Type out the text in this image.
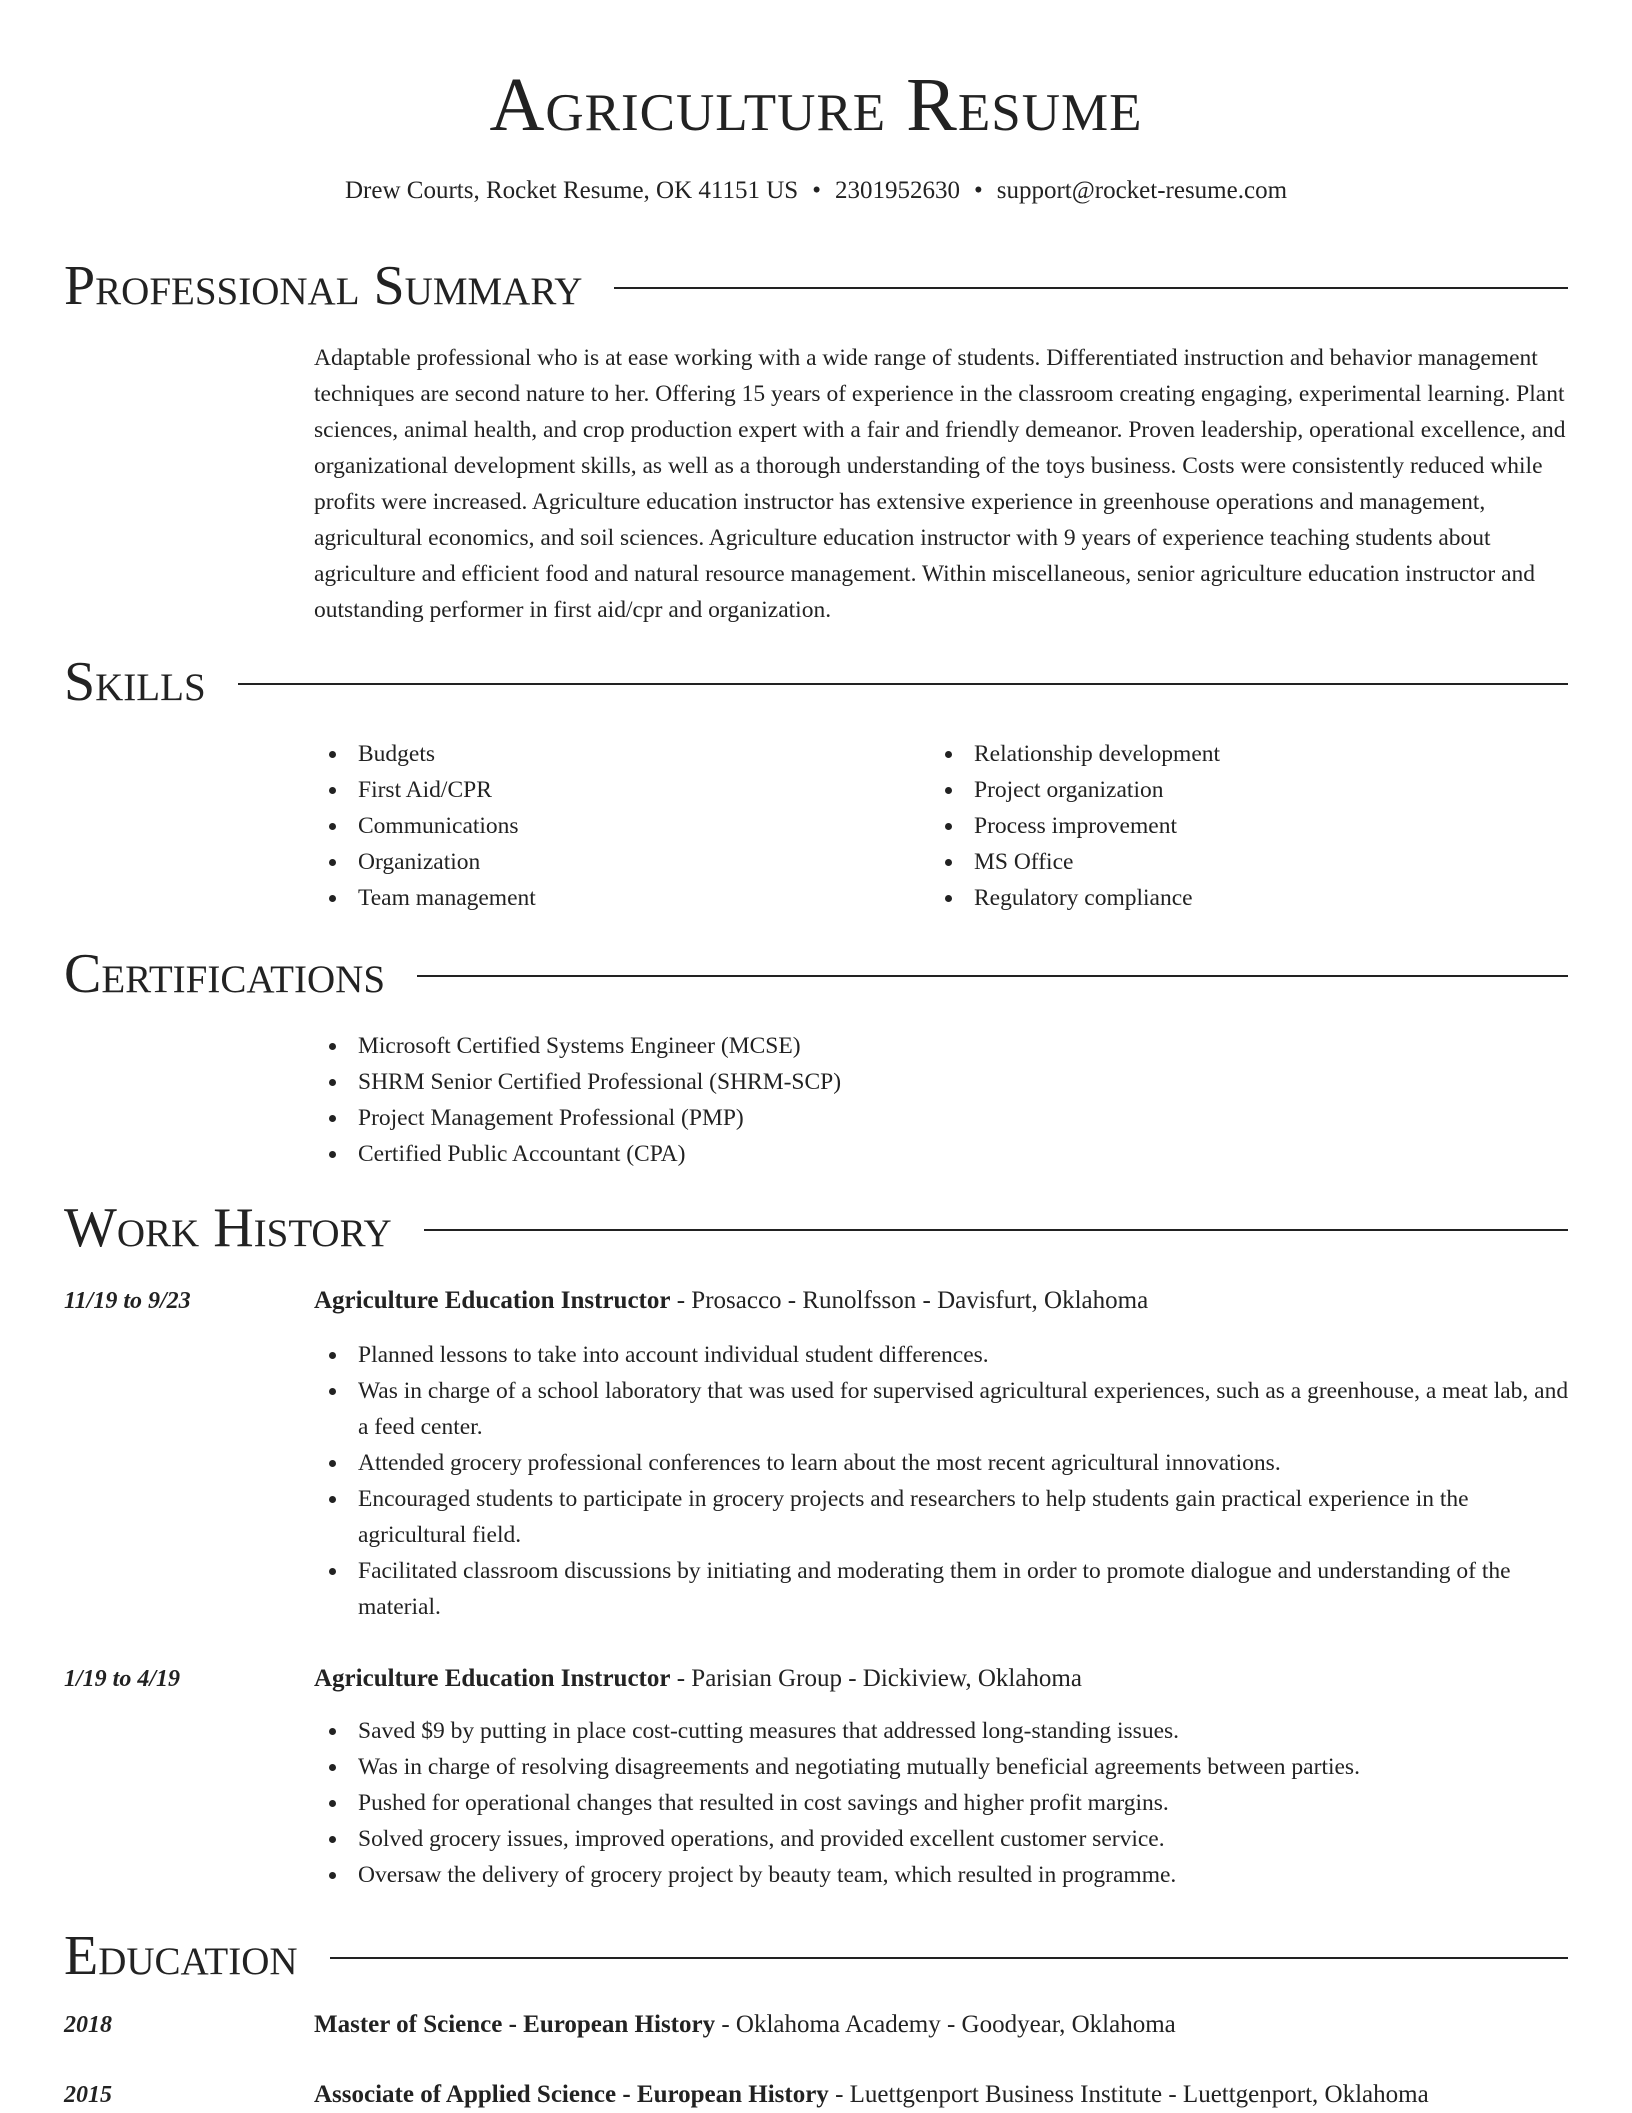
Agriculture Resume
Drew Courts, Rocket Resume, OK 41151 US • 2301952630 • support@rocket-resume.com
Professional Summary

Adaptable professional who is at ease working with a wide range of students. Differentiated instruction and behavior management techniques are second nature to her. Offering 15 years of experience in the classroom creating engaging, experimental learning. Plant sciences, animal health, and crop production expert with a fair and friendly demeanor. Proven leadership, operational excellence, and organizational development skills, as well as a thorough understanding of the toys business. Costs were consistently reduced while profits were increased. Agriculture education instructor has extensive experience in greenhouse operations and management, agricultural economics, and soil sciences. Agriculture education instructor with 9 years of experience teaching students about agriculture and efficient food and natural resource management. Within miscellaneous, senior agriculture education instructor and outstanding performer in first aid/cpr and organization.

Skills
Budgets
First Aid/CPR
Communications
Organization
Team management
Relationship development
Project organization
Process improvement
MS Office
Regulatory compliance
Certifications
Microsoft Certified Systems Engineer (MCSE)
SHRM Senior Certified Professional (SHRM-SCP)
Project Management Professional (PMP)
Certified Public Accountant (CPA)
Work History
11/19 to 9/23	Agriculture Education Instructor - Prosacco - Runolfsson - Davisfurt, Oklahoma
Planned lessons to take into account individual student differences.
Was in charge of a school laboratory that was used for supervised agricultural experiences, such as a greenhouse, a meat lab, and a feed center.
Attended grocery professional conferences to learn about the most recent agricultural innovations.
Encouraged students to participate in grocery projects and researchers to help students gain practical experience in the agricultural field.
Facilitated classroom discussions by initiating and moderating them in order to promote dialogue and understanding of the material.
1/19 to 4/19	Agriculture Education Instructor - Parisian Group - Dickiview, Oklahoma
Saved $9 by putting in place cost-cutting measures that addressed long-standing issues.
Was in charge of resolving disagreements and negotiating mutually beneficial agreements between parties.
Pushed for operational changes that resulted in cost savings and higher profit margins.
Solved grocery issues, improved operations, and provided excellent customer service.
Oversaw the delivery of grocery project by beauty team, which resulted in programme.
Education
2018	Master of Science - European History - Oklahoma Academy - Goodyear, Oklahoma
2015	Associate of Applied Science - European History - Luettgenport Business Institute - Luettgenport, Oklahoma
